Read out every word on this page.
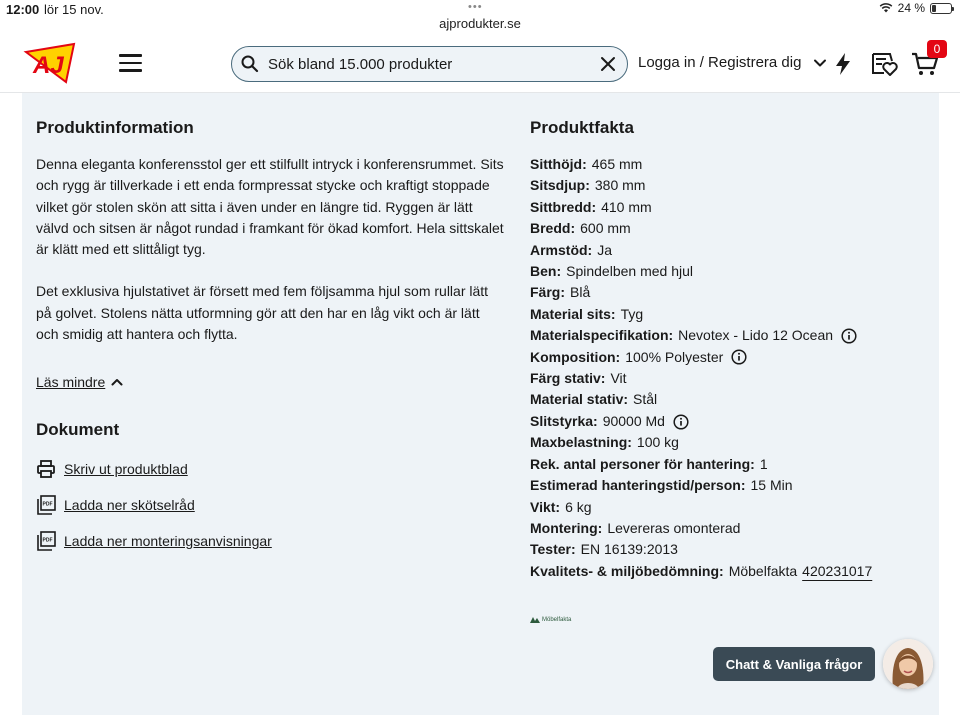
12:00 lör 15 nov.	•••
ajprodukter.se
24 %
AJ
Sök bland 15.000 produkter	Logga in / Registrera dig
0
Produktinformation

Denna eleganta konferensstol ger ett stilfullt intryck i konferensrummet. Sits och rygg är tillverkade i ett enda formpressat stycke och kraftigt stoppade vilket gör stolen skön att sitta i även under en längre tid. Ryggen är lätt välvd och sitsen är något rundad i framkant för ökad komfort. Hela sittskalet är klätt med ett slittåligt tyg.

Det exklusiva hjulstativet är försett med fem följsamma hjul som rullar lätt på golvet. Stolens nätta utformning gör att den har en låg vikt och är lätt och smidig att hantera och flytta.

Läs mindre
Dokument
Skriv ut produktblad
PDF Ladda ner skötselråd
PDF Ladda ner monteringsanvisningar
Produktfakta
Sitthöjd: 465 mm
Sitsdjup: 380 mm
Sittbredd: 410 mm
Bredd: 600 mm
Armstöd: Ja
Ben: Spindelben med hjul
Färg: Blå
Material sits: Tyg
Materialspecifikation: Nevotex - Lido 12 Ocean
Komposition: 100% Polyester
Färg stativ: Vit
Material stativ: Stål
Slitstyrka: 90000 Md
Maxbelastning: 100 kg
Rek. antal personer för hantering: 1
Estimerad hanteringstid/person: 15 Min
Vikt: 6 kg
Montering: Levereras omonterad
Tester: EN 16139:2013
Kvalitets- & miljöbedömning: Möbelfakta 420231017
Möbelfakta
Chatt & Vanliga frågor
